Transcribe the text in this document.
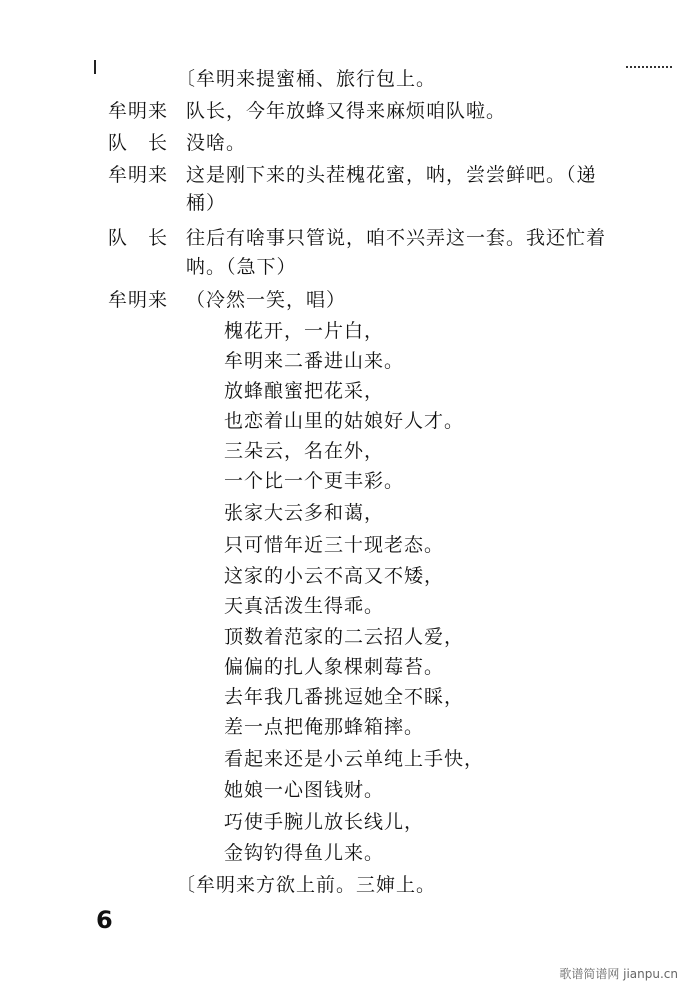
〔牟明来提蜜桶、旅行包上。
牟明来 队长，今年放蜂又得来麻烦咱队啦。
队　长 没啥。
牟明来 这是刚下来的头茬槐花蜜，呐，尝尝鲜吧。（递
桶）
队　长 往后有啥事只管说，咱不兴弄这一套。我还忙着
呐。（急下）
牟明来 （冷然一笑，唱）
槐花开，一片白，
牟明来二番进山来。
放蜂酿蜜把花采，
也恋着山里的姑娘好人才。
三朵云，名在外，
一个比一个更丰彩。
张家大云多和蔼，
只可惜年近三十现老态。
这家的小云不高又不矮，
天真活泼生得乖。
顶数着范家的二云招人爱，
偏偏的扎人象棵刺莓苔。
去年我几番挑逗她全不睬，
差一点把俺那蜂箱摔。
看起来还是小云单纯上手快，
她娘一心图钱财。
巧使手腕儿放长线儿，
金钩钓得鱼儿来。
〔牟明来方欲上前。三婶上。
6
歌谱简谱网 jianpu.cn
